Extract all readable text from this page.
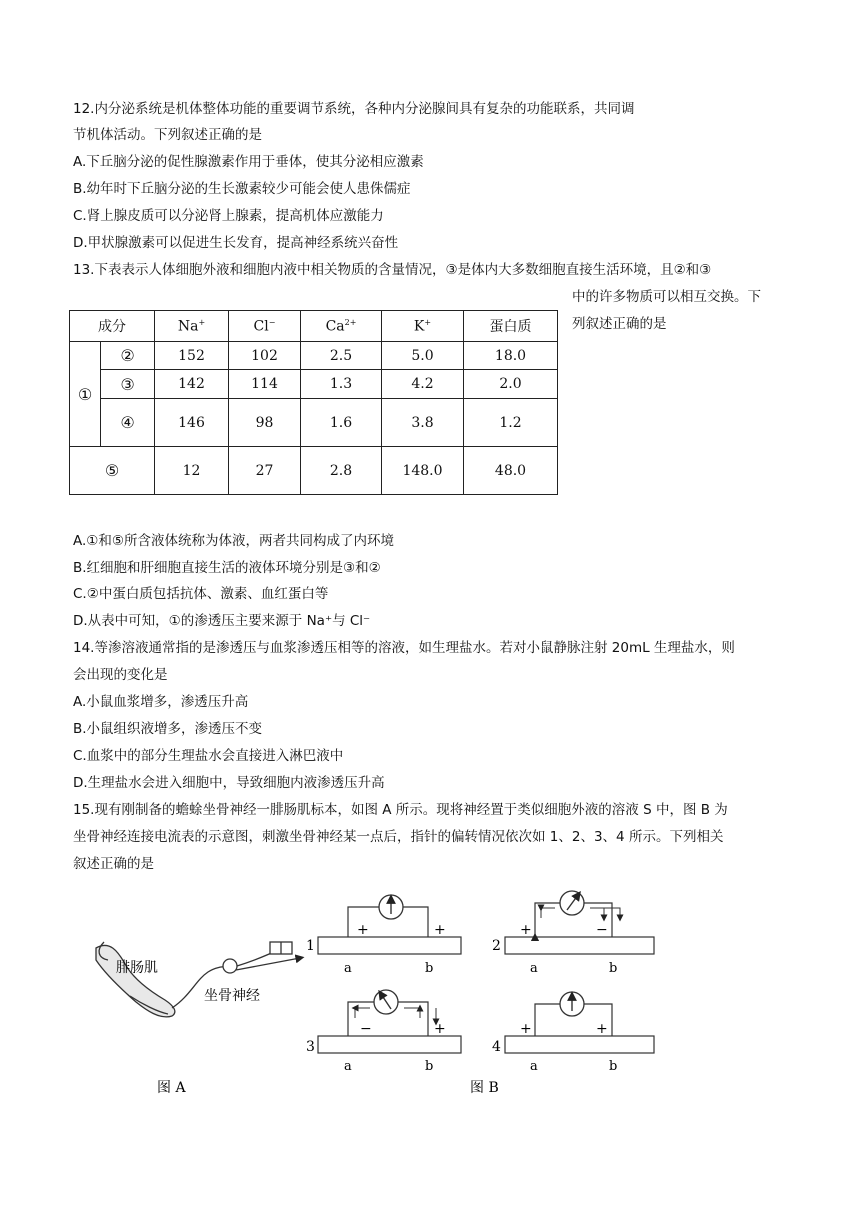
12.内分泌系统是机体整体功能的重要调节系统，各种内分泌腺间具有复杂的功能联系，共同调
节机体活动。下列叙述正确的是
A.下丘脑分泌的促性腺激素作用于垂体，使其分泌相应激素
B.幼年时下丘脑分泌的生长激素较少可能会使人患侏儒症
C.肾上腺皮质可以分泌肾上腺素，提高机体应激能力
D.甲状腺激素可以促进生长发育，提高神经系统兴奋性
13.下表表示人体细胞外液和细胞内液中相关物质的含量情况，③是体内大多数细胞直接生活环境，且②和③
中的许多物质可以相互交换。下
列叙述正确的是
成分		Na+	Cl−	$Ca^{2+}$	K+	蛋白质
①	②	152	102	2.5	5.0	18.0
	③	142	114	1.3	4.2	2.0
	④	146	98	1.6	3.8	1.2
⑤		12	27	2.8	148.0	48.0
A.①和⑤所含液体统称为体液，两者共同构成了内环境
B.红细胞和肝细胞直接生活的液体环境分别是③和②
C.②中蛋白质包括抗体、激素、血红蛋白等
D.从表中可知，①的渗透压主要来源于 Na⁺与 Cl⁻
14.等渗溶液通常指的是渗透压与血浆渗透压相等的溶液，如生理盐水。若对小鼠静脉注射 20mL 生理盐水，则
会出现的变化是
A.小鼠血浆增多，渗透压升高
B.小鼠组织液增多，渗透压不变
C.血浆中的部分生理盐水会直接进入淋巴液中
D.生理盐水会进入细胞中，导致细胞内液渗透压升高
15.现有刚制备的蟾蜍坐骨神经一腓肠肌标本，如图 A 所示。现将神经置于类似细胞外液的溶液 S 中，图 B 为
坐骨神经连接电流表的示意图，刺激坐骨神经某一点后，指针的偏转情况依次如 1、2、3、4 所示。下列相关
叙述正确的是
腓肠肌
坐骨神经
图 A	图 B
1
+	+
a	b
2
+	−
a	b
3
−	+
a	b
4
+	+
a	b
